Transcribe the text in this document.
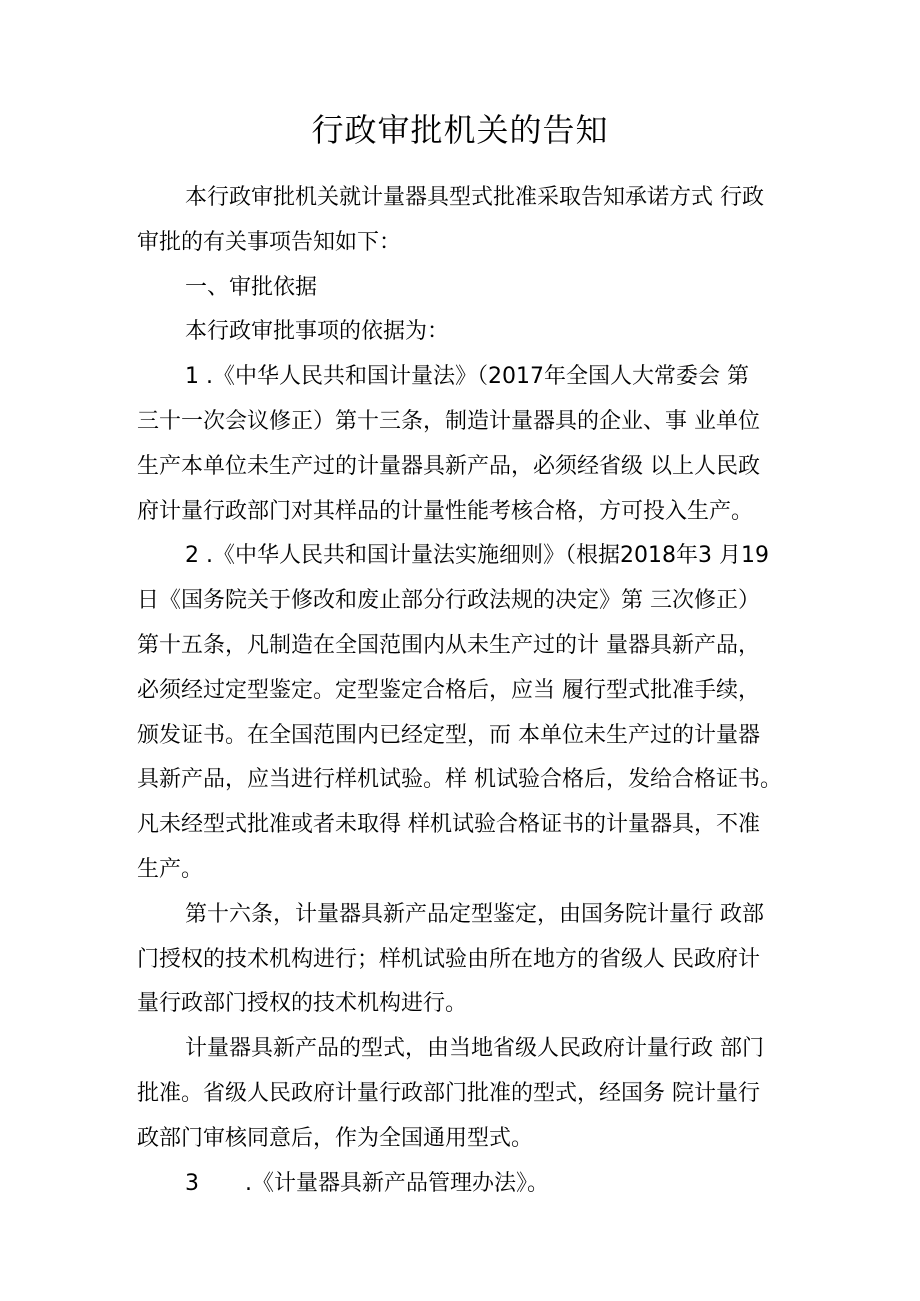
行政审批机关的告知

本行政审批机关就计量器具型式批准采取告知承诺方式 行政
审批的有关事项告知如下：

一、审批依据

本行政审批事项的依据为：

1 .《中华人民共和国计量法》（2017年全国人大常委会 第
三十一次会议修正）第十三条，制造计量器具的企业、事 业单位
生产本单位未生产过的计量器具新产品，必须经省级 以上人民政
府计量行政部门对其样品的计量性能考核合格，方可投入生产。

2 .《中华人民共和国计量法实施细则》（根据2018年3 月19
日《国务院关于修改和废止部分行政法规的决定》第 三次修正）
第十五条，凡制造在全国范围内从未生产过的计 量器具新产品，
必须经过定型鉴定。定型鉴定合格后，应当 履行型式批准手续，
颁发证书。在全国范围内已经定型，而 本单位未生产过的计量器
具新产品，应当进行样机试验。样 机试验合格后，发给合格证书。
凡未经型式批准或者未取得 样机试验合格证书的计量器具，不准
生产。

第十六条，计量器具新产品定型鉴定，由国务院计量行 政部
门授权的技术机构进行；样机试验由所在地方的省级人 民政府计
量行政部门授权的技术机构进行。

计量器具新产品的型式，由当地省级人民政府计量行政 部门
批准。省级人民政府计量行政部门批准的型式，经国务 院计量行
政部门审核同意后，作为全国通用型式。

3 .《计量器具新产品管理办法》。
